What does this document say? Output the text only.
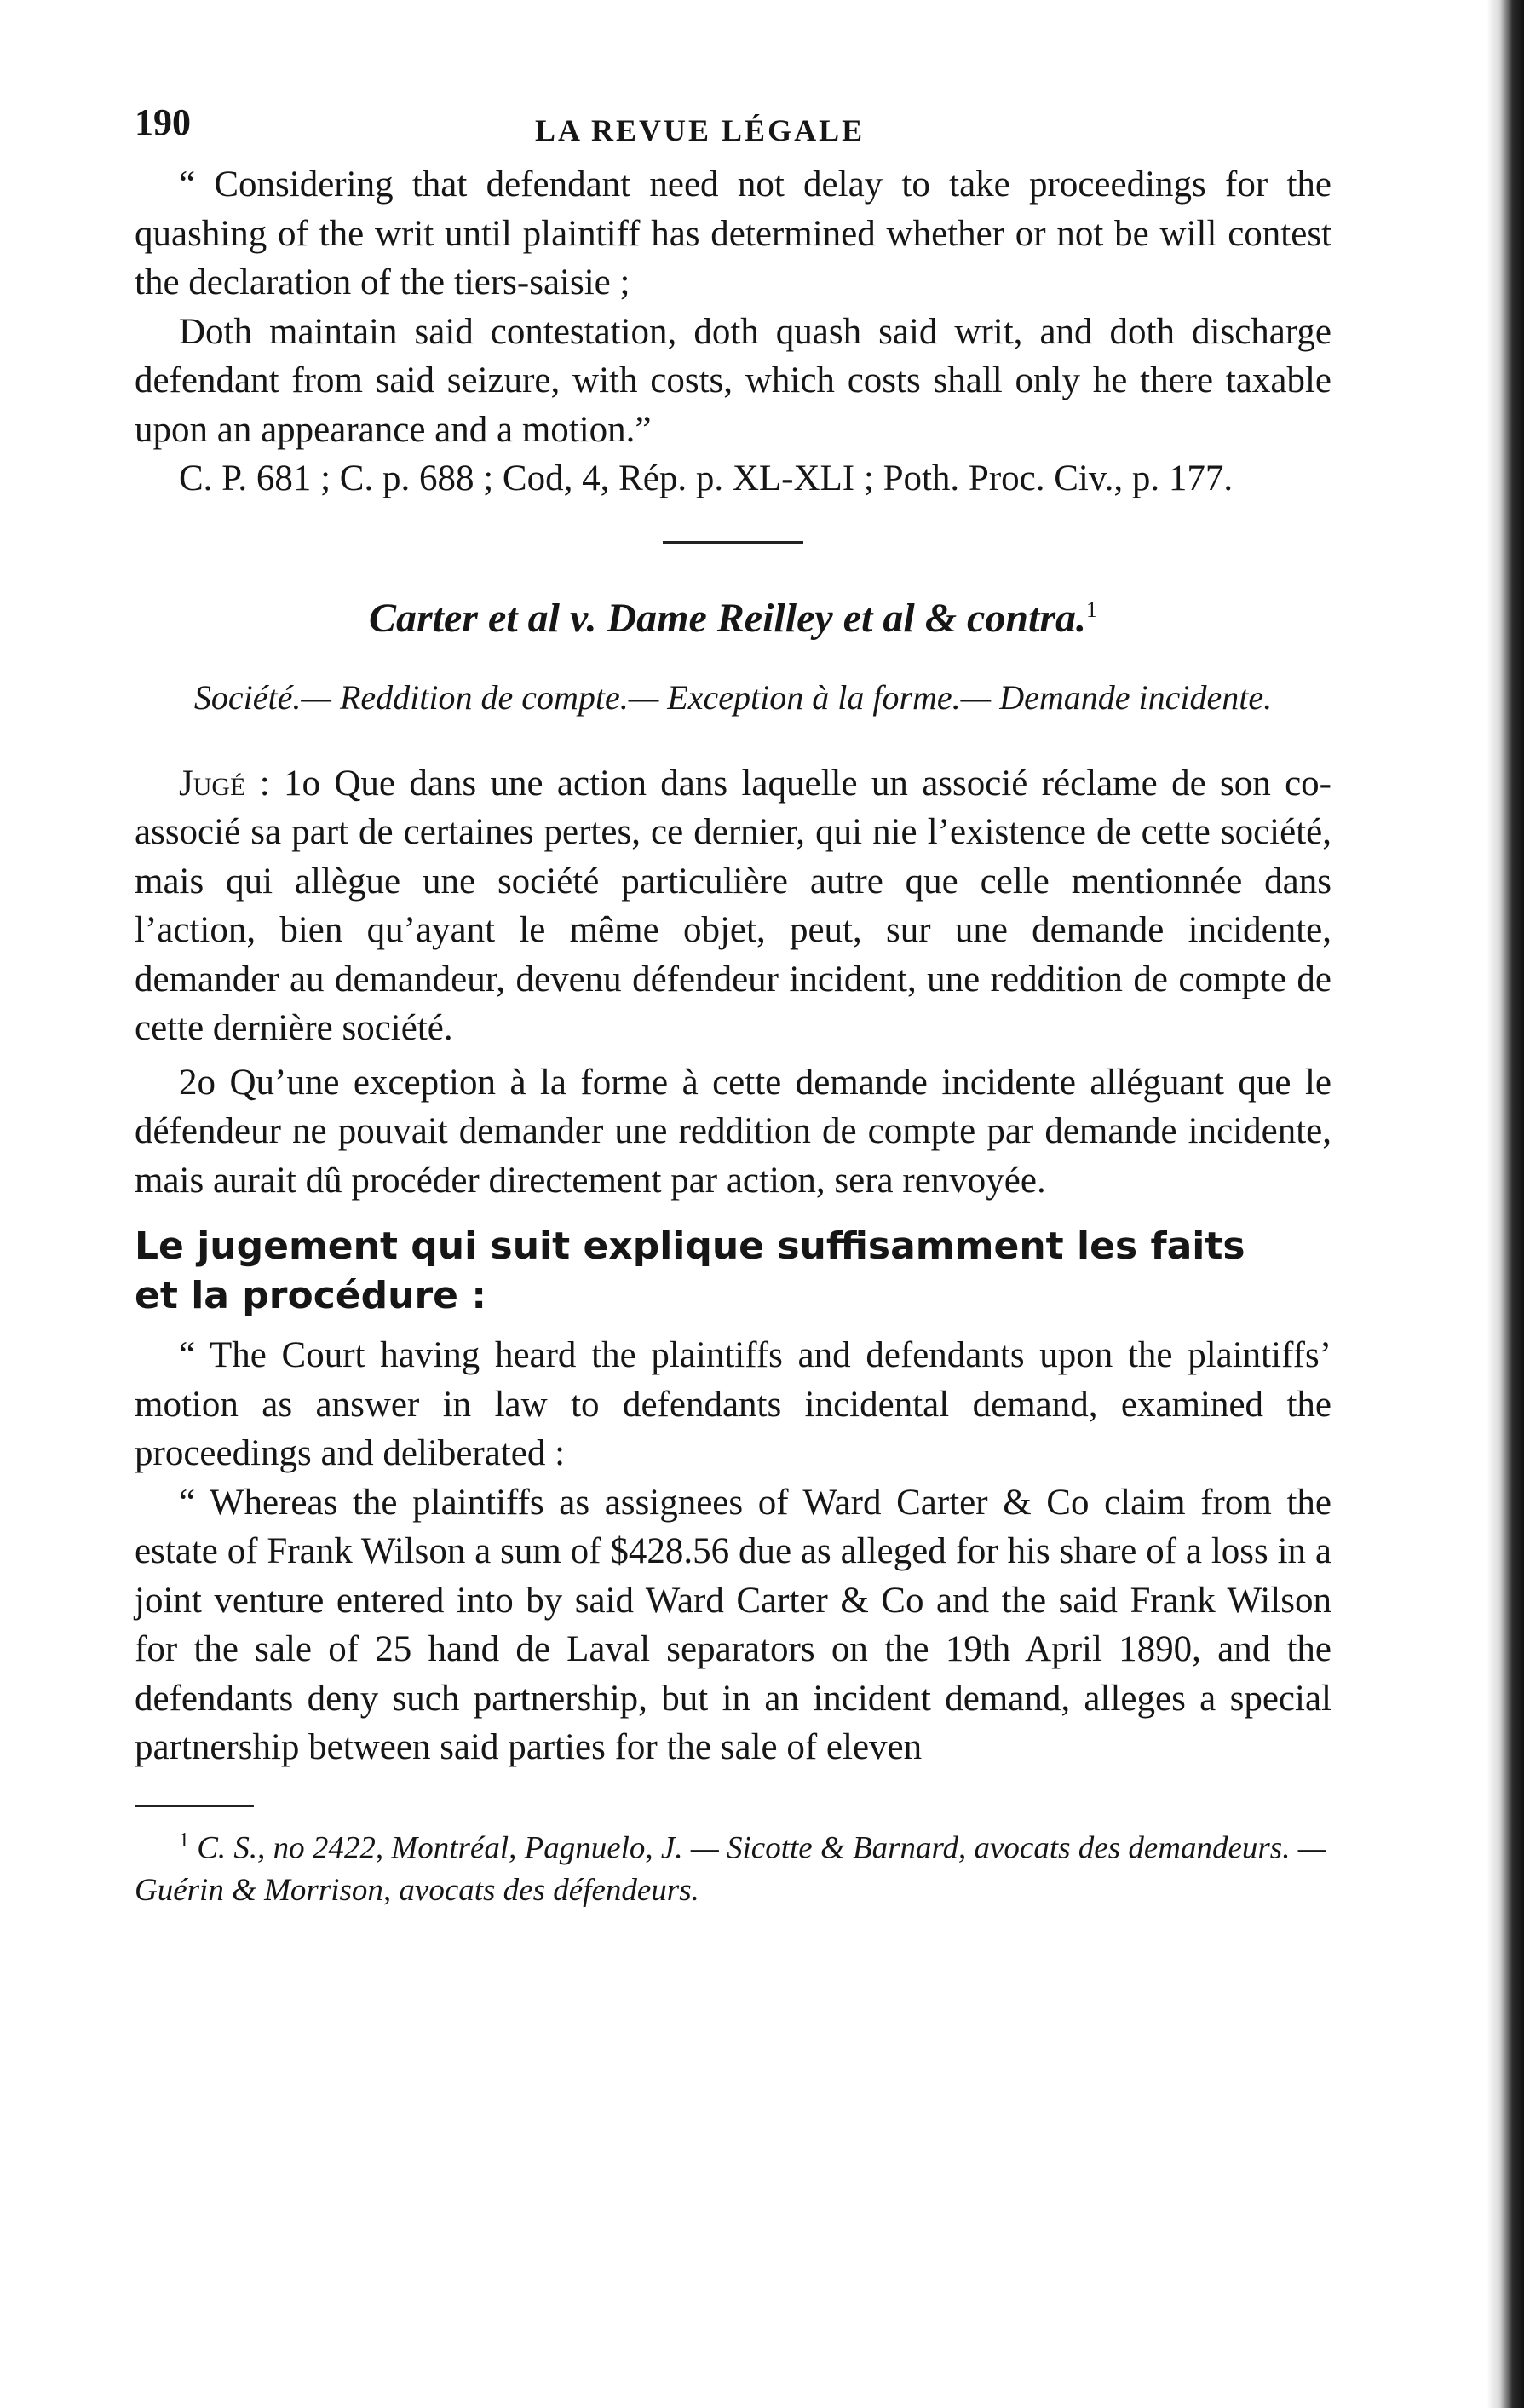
190	LA REVUE LÉGALE

“ Considering that defendant need not delay to take proceedings for the quashing of the writ until plaintiff has determined whether or not be will contest the declaration of the tiers-saisie ;

Doth maintain said contestation, doth quash said writ, and doth discharge defendant from said seizure, with costs, which costs shall only he there taxable upon an appearance and a motion.”

C. P. 681 ; C. p. 688 ; Cod, 4, Rép. p. XL-XLI ; Poth. Proc. Civ., p. 177.

Carter et al v. Dame Reilley et al & contra.$^1$

Société.— Reddition de compte.— Exception à la forme.— Demande incidente.

Jugé : 1o Que dans une action dans laquelle un associé réclame de son co-associé sa part de certaines pertes, ce dernier, qui nie l’existence de cette société, mais qui allègue une société particulière autre que celle mentionnée dans l’action, bien qu’ayant le même objet, peut, sur une demande incidente, demander au demandeur, devenu défendeur incident, une reddition de compte de cette dernière société.

2o Qu’une exception à la forme à cette demande incidente alléguant que le défendeur ne pouvait demander une reddition de compte par demande incidente, mais aurait dû procéder directement par action, sera renvoyée.

Le jugement qui suit explique suffisamment les faits
et la procédure :

“ The Court having heard the plaintiffs and defendants upon the plaintiffs’ motion as answer in law to defendants incidental demand, examined the proceedings and deliberated :

“ Whereas the plaintiffs as assignees of Ward Carter & Co claim from the estate of Frank Wilson a sum of $428.56 due as alleged for his share of a loss in a joint venture entered into by said Ward Carter & Co and the said Frank Wilson for the sale of 25 hand de Laval separators on the 19th April 1890, and the defendants deny such partnership, but in an incident demand, alleges a special partnership between said parties for the sale of eleven

$^1$ C. S., no 2422, Montréal, Pagnuelo, J. — Sicotte & Barnard, avocats des demandeurs. — Guérin & Morrison, avocats des défendeurs.
